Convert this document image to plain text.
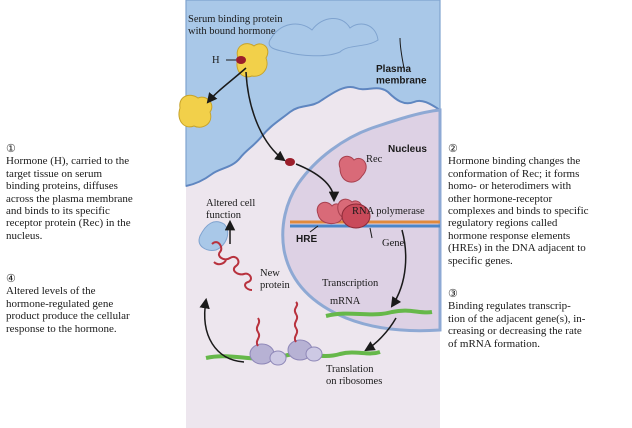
Serum binding protein with bound hormone
H
Plasma membrane
Nucleus
Rec
RNA polymerase
HRE	Gene
Transcription
mRNA
Altered cell function
New protein
Translation on ribosomes
①
Hormone (H), carried to the
target tissue on serum
binding proteins, diffuses
across the plasma membrane
and binds to its specific
receptor protein (Rec) in the
nucleus.
④
Altered levels of the
hormone-regulated gene
product produce the cellular
response to the hormone.
②
Hormone binding changes the
conformation of Rec; it forms
homo- or heterodimers with
other hormone-receptor
complexes and binds to specific
regulatory regions called
hormone response elements
(HREs) in the DNA adjacent to
specific genes.
③
Binding regulates transcrip-
tion of the adjacent gene(s), in-
creasing or decreasing the rate
of mRNA formation.
